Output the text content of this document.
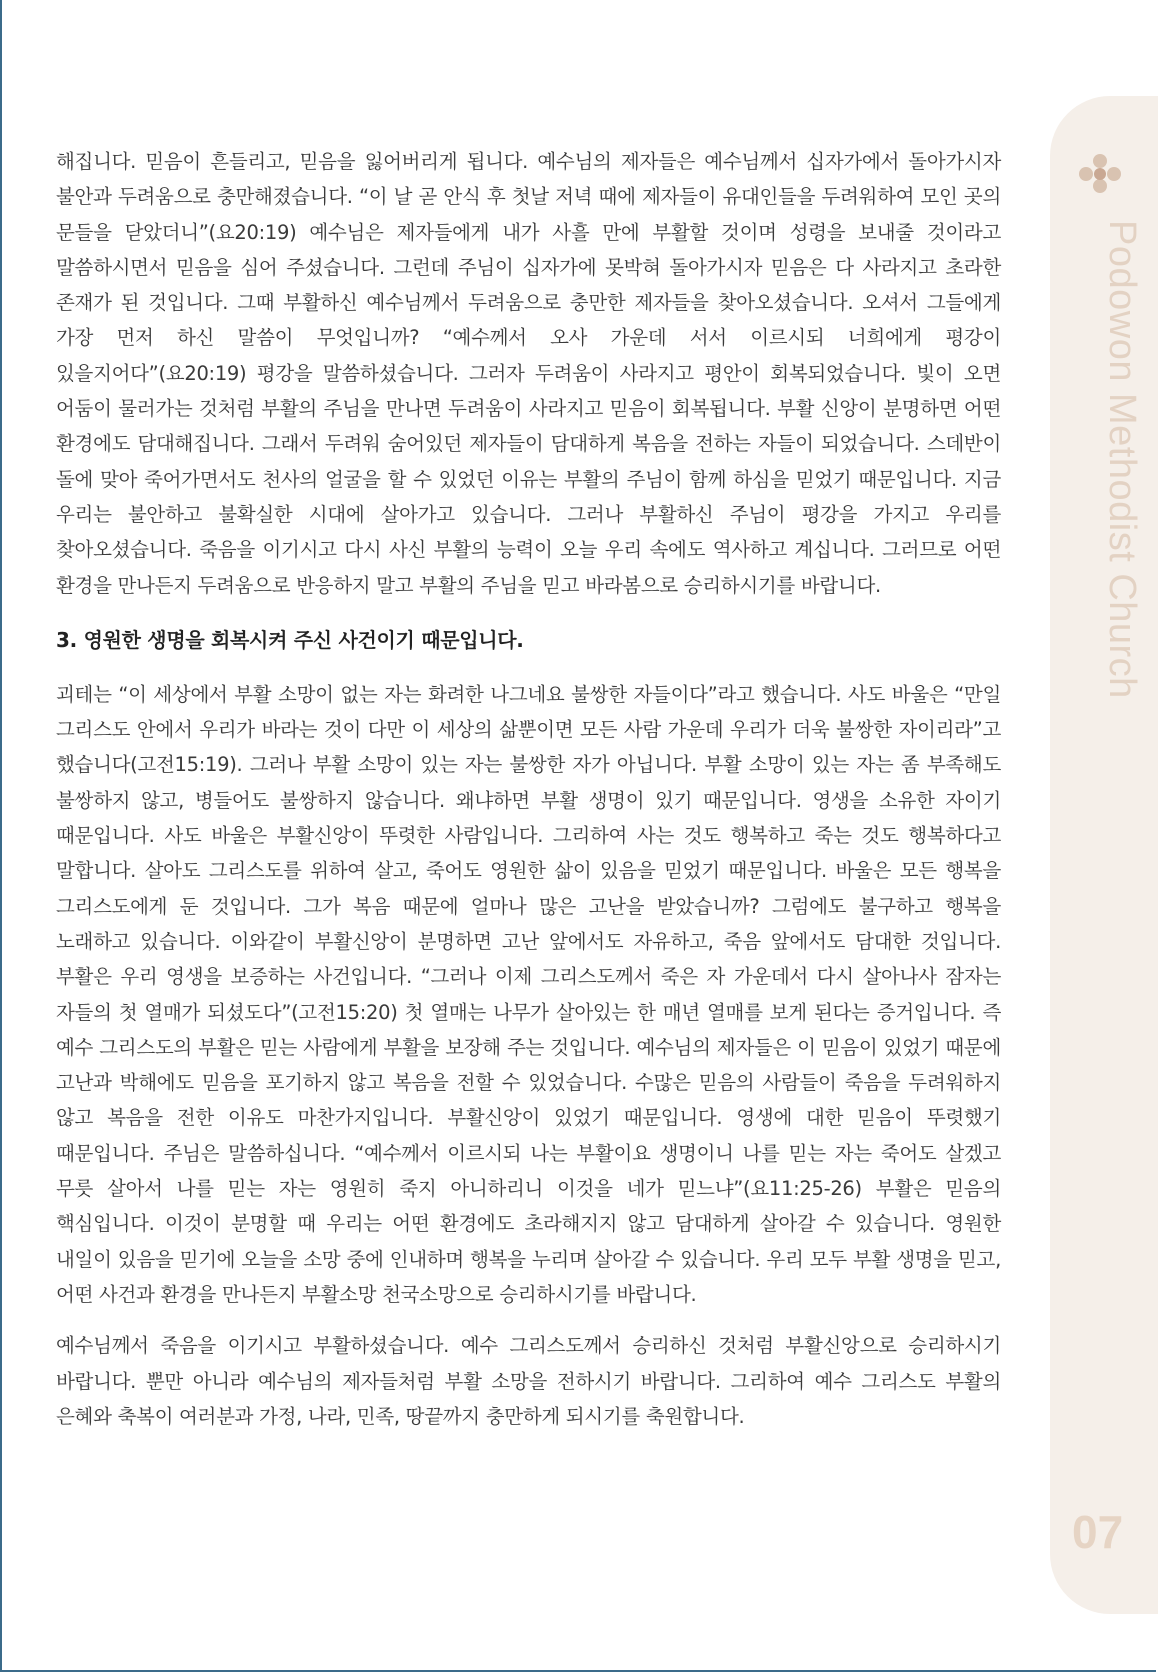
Podowon Methodist Church
07

해집니다. 믿음이 흔들리고, 믿음을 잃어버리게 됩니다. 예수님의 제자들은 예수님께서 십자가에서 돌아가시자 불안과 두려움으로 충만해졌습니다. “이 날 곧 안식 후 첫날 저녁 때에 제자들이 유대인들을 두려워하여 모인 곳의 문들을 닫았더니”(요20:19) 예수님은 제자들에게 내가 사흘 만에 부활할 것이며 성령을 보내줄 것이라고 말씀하시면서 믿음을 심어 주셨습니다. 그런데 주님이 십자가에 못박혀 돌아가시자 믿음은 다 사라지고 초라한 존재가 된 것입니다. 그때 부활하신 예수님께서 두려움으로 충만한 제자들을 찾아오셨습니다. 오셔서 그들에게 가장 먼저 하신 말씀이 무엇입니까? “예수께서 오사 가운데 서서 이르시되 너희에게 평강이 있을지어다”(요20:19) 평강을 말씀하셨습니다. 그러자 두려움이 사라지고 평안이 회복되었습니다. 빛이 오면 어둠이 물러가는 것처럼 부활의 주님을 만나면 두려움이 사라지고 믿음이 회복됩니다. 부활 신앙이 분명하면 어떤 환경에도 담대해집니다. 그래서 두려워 숨어있던 제자들이 담대하게 복음을 전하는 자들이 되었습니다. 스데반이 돌에 맞아 죽어가면서도 천사의 얼굴을 할 수 있었던 이유는 부활의 주님이 함께 하심을 믿었기 때문입니다. 지금 우리는 불안하고 불확실한 시대에 살아가고 있습니다. 그러나 부활하신 주님이 평강을 가지고 우리를 찾아오셨습니다. 죽음을 이기시고 다시 사신 부활의 능력이 오늘 우리 속에도 역사하고 계십니다. 그러므로 어떤 환경을 만나든지 두려움으로 반응하지 말고 부활의 주님을 믿고 바라봄으로 승리하시기를 바랍니다.

3. 영원한 생명을 회복시켜 주신 사건이기 때문입니다.

괴테는 “이 세상에서 부활 소망이 없는 자는 화려한 나그네요 불쌍한 자들이다”라고 했습니다. 사도 바울은 “만일 그리스도 안에서 우리가 바라는 것이 다만 이 세상의 삶뿐이면 모든 사람 가운데 우리가 더욱 불쌍한 자이리라”고 했습니다(고전15:19). 그러나 부활 소망이 있는 자는 불쌍한 자가 아닙니다. 부활 소망이 있는 자는 좀 부족해도 불쌍하지 않고, 병들어도 불쌍하지 않습니다. 왜냐하면 부활 생명이 있기 때문입니다. 영생을 소유한 자이기 때문입니다. 사도 바울은 부활신앙이 뚜렷한 사람입니다. 그리하여 사는 것도 행복하고 죽는 것도 행복하다고 말합니다. 살아도 그리스도를 위하여 살고, 죽어도 영원한 삶이 있음을 믿었기 때문입니다. 바울은 모든 행복을 그리스도에게 둔 것입니다. 그가 복음 때문에 얼마나 많은 고난을 받았습니까? 그럼에도 불구하고 행복을 노래하고 있습니다. 이와같이 부활신앙이 분명하면 고난 앞에서도 자유하고, 죽음 앞에서도 담대한 것입니다. 부활은 우리 영생을 보증하는 사건입니다. “그러나 이제 그리스도께서 죽은 자 가운데서 다시 살아나사 잠자는 자들의 첫 열매가 되셨도다”(고전15:20) 첫 열매는 나무가 살아있는 한 매년 열매를 보게 된다는 증거입니다. 즉 예수 그리스도의 부활은 믿는 사람에게 부활을 보장해 주는 것입니다. 예수님의 제자들은 이 믿음이 있었기 때문에 고난과 박해에도 믿음을 포기하지 않고 복음을 전할 수 있었습니다. 수많은 믿음의 사람들이 죽음을 두려워하지 않고 복음을 전한 이유도 마찬가지입니다. 부활신앙이 있었기 때문입니다. 영생에 대한 믿음이 뚜렷했기 때문입니다. 주님은 말씀하십니다. “예수께서 이르시되 나는 부활이요 생명이니 나를 믿는 자는 죽어도 살겠고 무릇 살아서 나를 믿는 자는 영원히 죽지 아니하리니 이것을 네가 믿느냐”(요11:25-26) 부활은 믿음의 핵심입니다. 이것이 분명할 때 우리는 어떤 환경에도 초라해지지 않고 담대하게 살아갈 수 있습니다. 영원한 내일이 있음을 믿기에 오늘을 소망 중에 인내하며 행복을 누리며 살아갈 수 있습니다. 우리 모두 부활 생명을 믿고, 어떤 사건과 환경을 만나든지 부활소망 천국소망으로 승리하시기를 바랍니다.

예수님께서 죽음을 이기시고 부활하셨습니다. 예수 그리스도께서 승리하신 것처럼 부활신앙으로 승리하시기 바랍니다. 뿐만 아니라 예수님의 제자들처럼 부활 소망을 전하시기 바랍니다. 그리하여 예수 그리스도 부활의 은혜와 축복이 여러분과 가정, 나라, 민족, 땅끝까지 충만하게 되시기를 축원합니다.
